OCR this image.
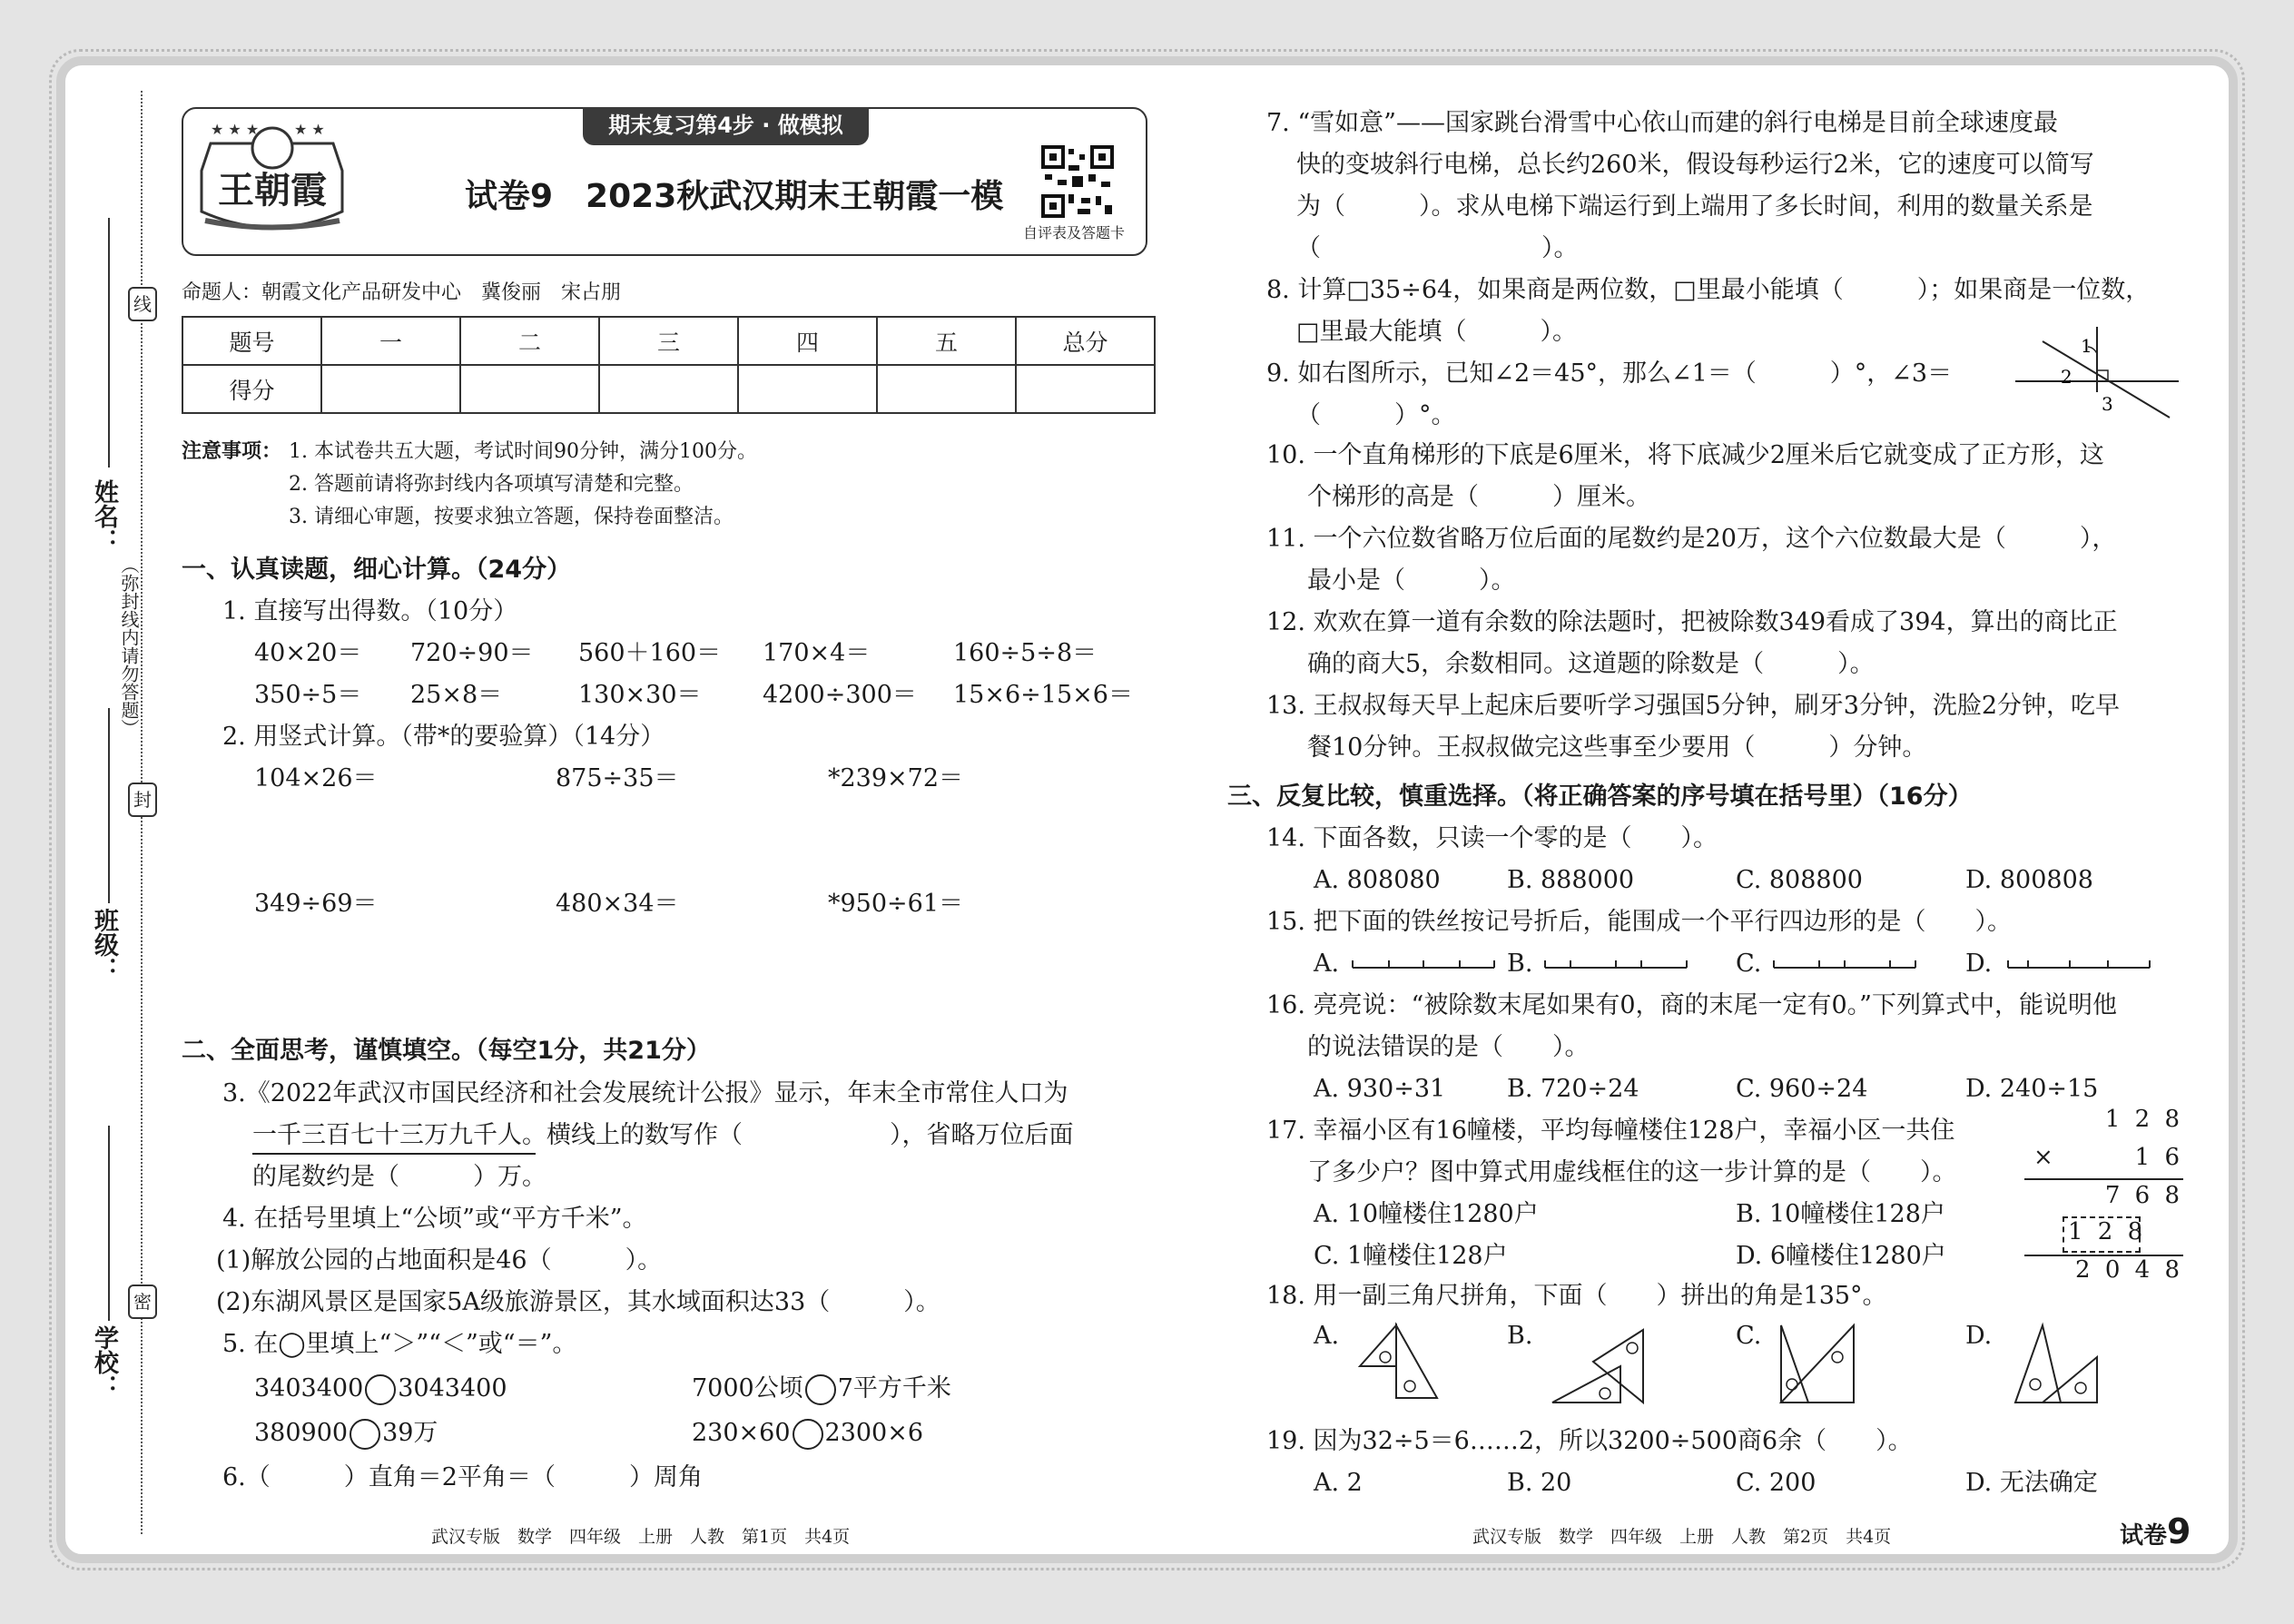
线
封
密
（弥封线内请勿答题）
姓名：
班级：
学校：
期末复习第4步 · 做模拟
★ ★ ★ ★ ★
王朝霞	试卷9　2023秋武汉期末王朝霞一模
自评表及答题卡
命题人：朝霞文化产品研发中心　冀俊丽　宋占朋
题号	一	二	三	四	五	总分
得分						
注意事项： 1. 本试卷共五大题，考试时间90分钟，满分100分。
2. 答题前请将弥封线内各项填写清楚和完整。
3. 请细心审题，按要求独立答题，保持卷面整洁。
一、认真读题，细心计算。（24分）
1. 直接写出得数。（10分）
40×20＝ 720÷90＝ 560＋160＝ 170×4＝	160÷5÷8＝
350÷5＝ 25×8＝	130×30＝ 4200÷300＝ 15×6÷15×6＝
2. 用竖式计算。（带*的要验算）（14分）
104×26＝	875÷35＝	*239×72＝
349÷69＝	480×34＝	*950÷61＝
二、全面思考，谨慎填空。（每空1分，共21分）
3.《2022年武汉市国民经济和社会发展统计公报》显示，年末全市常住人口为
一千三百七十三万九千人。横线上的数写作（　　　　　　），省略万位后面
的尾数约是（　　　）万。
4. 在括号里填上“公顷”或“平方千米”。
(1)解放公园的占地面积是46（　　　）。
(2)东湖风景区是国家5A级旅游景区，其水域面积达33（　　　）。
5. 在◯里填上“＞”“＜”或“＝”。
3403400 3043400	7000公顷 7平方千米
380900 39万	230×60 2300×6
6.（　　　）直角＝2平角＝（　　　）周角
武汉专版　数学　四年级　上册　人教　第1页　共4页
7. “雪如意”——国家跳台滑雪中心依山而建的斜行电梯是目前全球速度最
快的变坡斜行电梯，总长约260米，假设每秒运行2米，它的速度可以简写
为（　　　）。求从电梯下端运行到上端用了多长时间，利用的数量关系是
（　　　　　　　　　）。
8. 计算□35÷64，如果商是两位数，□里最小能填（　　　）；如果商是一位数，
□里最大能填（　　　）。
9. 如右图所示，已知∠2＝45°，那么∠1＝（　　　）°，∠3＝
（　　　）°。
1
2
3
10. 一个直角梯形的下底是6厘米，将下底减少2厘米后它就变成了正方形，这
个梯形的高是（　　　）厘米。
11. 一个六位数省略万位后面的尾数约是20万，这个六位数最大是（　　　），
最小是（　　　）。
12. 欢欢在算一道有余数的除法题时，把被除数349看成了394，算出的商比正
确的商大5，余数相同。这道题的除数是（　　　）。
13. 王叔叔每天早上起床后要听学习强国5分钟，刷牙3分钟，洗脸2分钟，吃早
餐10分钟。王叔叔做完这些事至少要用（　　　）分钟。
三、反复比较，慎重选择。（将正确答案的序号填在括号里）（16分）
14. 下面各数，只读一个零的是（　　）。
A. 808080	B. 888000	C. 808800	D. 800808
15. 把下面的铁丝按记号折后，能围成一个平行四边形的是（　　）。
A.	B.	C.	D.
16. 亮亮说：“被除数末尾如果有0，商的末尾一定有0。”下列算式中，能说明他
的说法错误的是（　　）。
A. 930÷31	B. 720÷24	C. 960÷24	D. 240÷15
17. 幸福小区有16幢楼，平均每幢楼住128户，幸福小区一共住
了多少户？图中算式用虚线框住的这一步计算的是（　　）。
A. 10幢楼住1280户	B. 10幢楼住128户
C. 1幢楼住128户	D. 6幢楼住1280户
1 2 8
×	1 6
7 6 8
1 2 8
2 0 4 8
18. 用一副三角尺拼角，下面（　　）拼出的角是135°。
A.	B.	C.	D.
19. 因为32÷5＝6……2，所以3200÷500商6余（　　）。
A. 2	B. 20	C. 200	D. 无法确定
武汉专版　数学　四年级　上册　人教　第2页　共4页	试卷9
